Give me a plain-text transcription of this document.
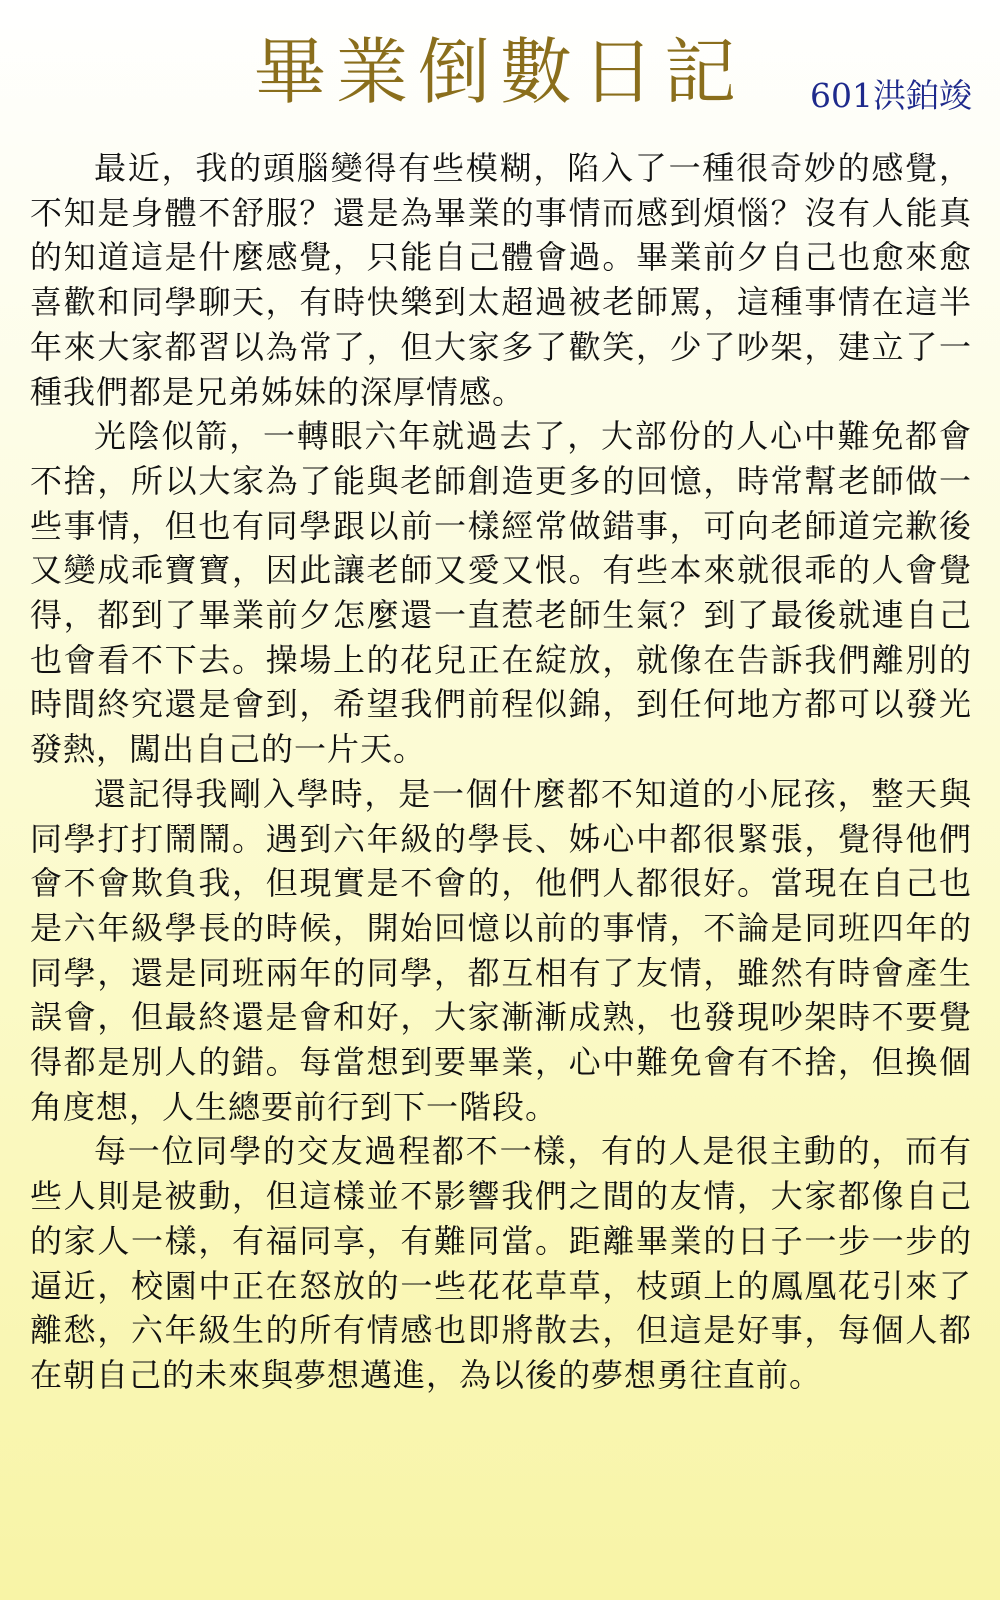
畢業倒數日記	601洪鉑竣

最近，我的頭腦變得有些模糊，陷入了一種很奇妙的感覺，不知是身體不舒服？還是為畢業的事情而感到煩惱？沒有人能真的知道這是什麼感覺，只能自己體會過。畢業前夕自己也愈來愈喜歡和同學聊天，有時快樂到太超過被老師罵，這種事情在這半年來大家都習以為常了，但大家多了歡笑，少了吵架，建立了一種我們都是兄弟姊妹的深厚情感。

光陰似箭，一轉眼六年就過去了，大部份的人心中難免都會不捨，所以大家為了能與老師創造更多的回憶，時常幫老師做一些事情，但也有同學跟以前一樣經常做錯事，可向老師道完歉後又變成乖寶寶，因此讓老師又愛又恨。有些本來就很乖的人會覺得，都到了畢業前夕怎麼還一直惹老師生氣？到了最後就連自己也會看不下去。操場上的花兒正在綻放，就像在告訴我們離別的時間終究還是會到，希望我們前程似錦，到任何地方都可以發光發熱，闖出自己的一片天。

還記得我剛入學時，是一個什麼都不知道的小屁孩，整天與同學打打鬧鬧。遇到六年級的學長、姊心中都很緊張，覺得他們會不會欺負我，但現實是不會的，他們人都很好。當現在自己也是六年級學長的時候，開始回憶以前的事情，不論是同班四年的同學，還是同班兩年的同學，都互相有了友情，雖然有時會產生誤會，但最終還是會和好，大家漸漸成熟，也發現吵架時不要覺得都是別人的錯。每當想到要畢業，心中難免會有不捨，但換個角度想，人生總要前行到下一階段。

每一位同學的交友過程都不一樣，有的人是很主動的，而有些人則是被動，但這樣並不影響我們之間的友情，大家都像自己的家人一樣，有福同享，有難同當。距離畢業的日子一步一步的逼近，校園中正在怒放的一些花花草草，枝頭上的鳳凰花引來了離愁，六年級生的所有情感也即將散去，但這是好事，每個人都在朝自己的未來與夢想邁進，為以後的夢想勇往直前。
